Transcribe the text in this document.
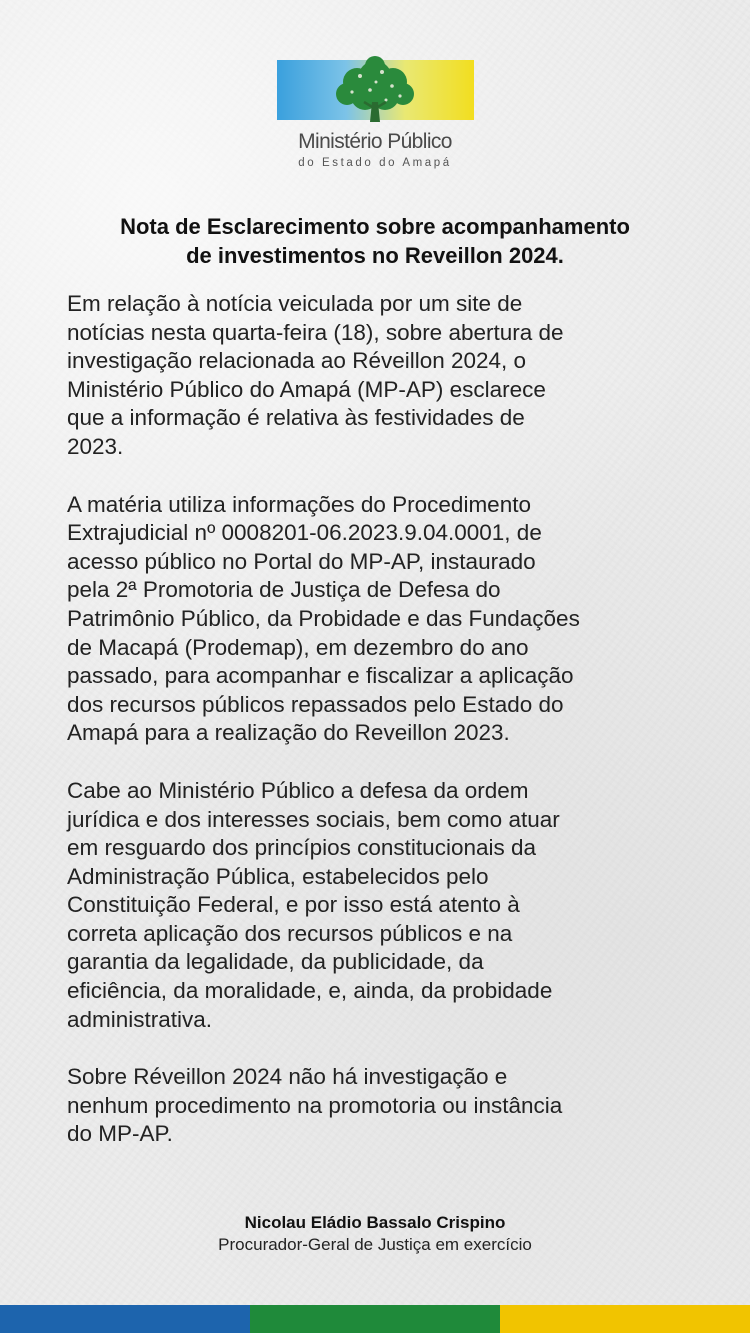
Ministério Público
do Estado do Amapá
Nota de Esclarecimento sobre acompanhamento
de investimentos no Reveillon 2024.

Em relação à notícia veiculada por um site de
notícias nesta quarta-feira (18), sobre abertura de
investigação relacionada ao Réveillon 2024, o
Ministério Público do Amapá (MP-AP) esclarece
que a informação é relativa às festividades de
2023.

A matéria utiliza informações do Procedimento
Extrajudicial nº 0008201-06.2023.9.04.0001, de
acesso público no Portal do MP-AP, instaurado
pela 2ª Promotoria de Justiça de Defesa do
Patrimônio Público, da Probidade e das Fundações
de Macapá (Prodemap), em dezembro do ano
passado, para acompanhar e fiscalizar a aplicação
dos recursos públicos repassados pelo Estado do
Amapá para a realização do Reveillon 2023.

Cabe ao Ministério Público a defesa da ordem
jurídica e dos interesses sociais, bem como atuar
em resguardo dos princípios constitucionais da
Administração Pública, estabelecidos pelo
Constituição Federal, e por isso está atento à
correta aplicação dos recursos públicos e na
garantia da legalidade, da publicidade, da
eficiência, da moralidade, e, ainda, da probidade
administrativa.

Sobre Réveillon 2024 não há investigação e
nenhum procedimento na promotoria ou instância
do MP-AP.

Nicolau Eládio Bassalo Crispino
Procurador-Geral de Justiça em exercício
